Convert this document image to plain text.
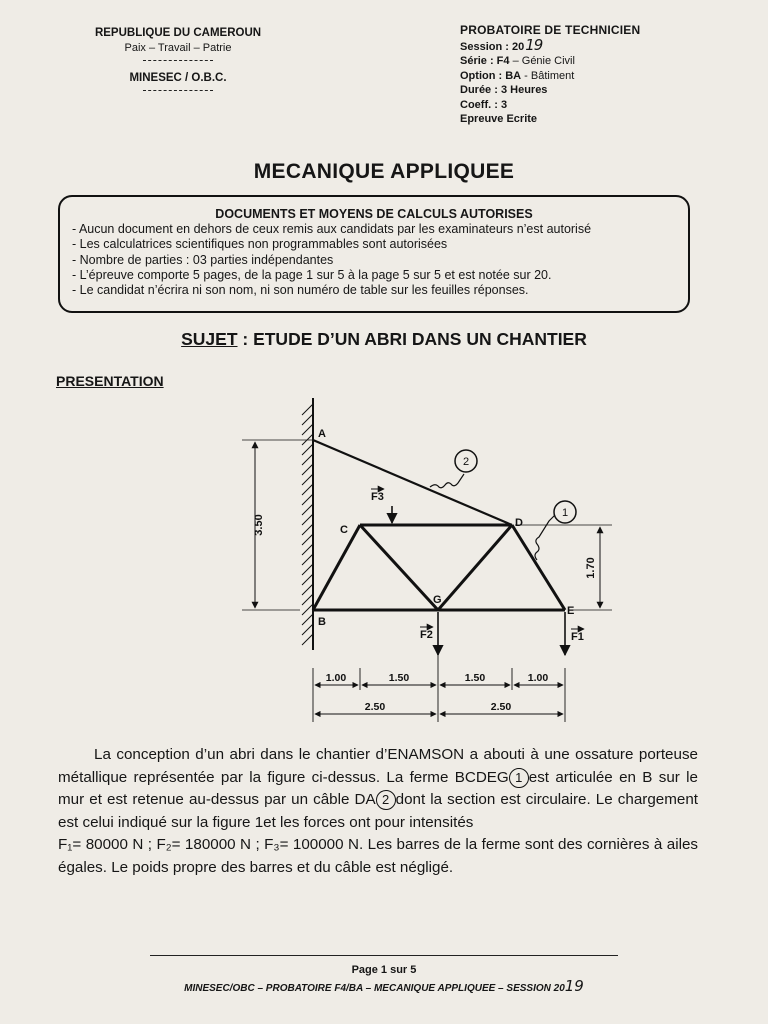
REPUBLIQUE DU CAMEROUN
Paix – Travail – Patrie
MINESEC / O.B.C.
PROBATOIRE DE TECHNICIEN
Session : 2019
Série : F4 – Génie Civil
Option : BA - Bâtiment
Durée : 3 Heures
Coeff. : 3
Epreuve Ecrite
MECANIQUE APPLIQUEE
DOCUMENTS ET MOYENS DE CALCULS AUTORISES
- Aucun document en dehors de ceux remis aux candidats par les examinateurs n’est autorisé
- Les calculatrices scientifiques non programmables sont autorisées
- Nombre de parties : 03 parties indépendantes
- L’épreuve comporte 5 pages, de la page 1 sur 5 à la page 5 sur 5 et est notée sur 20.
- Le candidat n’écrira ni son nom, ni son numéro de table sur les feuilles réponses.
SUJET : ETUDE D’UN ABRI DANS UN CHANTIER
PRESENTATION
A
B
C
D
E
G
2
1
F3
F2	F1
3.50
1.70
1.00	1.50	1.50	1.00
2.50	2.50
La conception d’un abri dans le chantier d’ENAMSON a abouti à une ossature porteuse métallique représentée par la figure ci-dessus. La ferme BCDEG 1 est articulée en B sur le mur et est retenue au-dessus par un câble DA 2 dont la section est circulaire. Le chargement est celui indiqué sur la figure 1et les forces ont pour intensités
F₁= 80000 N ; F₂= 180000 N ; F₃= 100000 N. Les barres de la ferme sont des cornières à ailes égales. Le poids propre des barres et du câble est négligé.
Page 1 sur 5
MINESEC/OBC – PROBATOIRE F4/BA – MECANIQUE APPLIQUEE – SESSION 2019
